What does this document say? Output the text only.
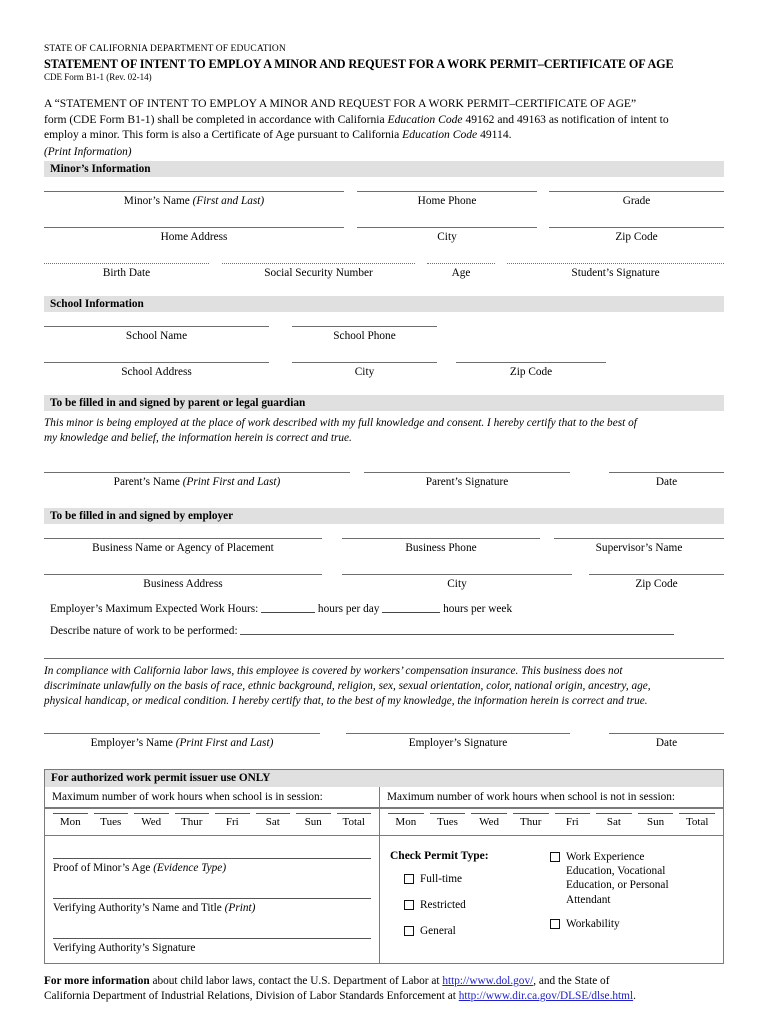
STATE OF CALIFORNIA DEPARTMENT OF EDUCATION
STATEMENT OF INTENT TO EMPLOY A MINOR AND REQUEST FOR A WORK PERMIT–CERTIFICATE OF AGE
CDE Form B1-1 (Rev. 02-14)
A “STATEMENT OF INTENT TO EMPLOY A MINOR AND REQUEST FOR A WORK PERMIT–CERTIFICATE OF AGE”
form (CDE Form B1-1) shall be completed in accordance with California Education Code 49162 and 49163 as notification of intent to
employ a minor. This form is also a Certificate of Age pursuant to California Education Code 49114.
(Print Information)
Minor’s Information
Minor’s Name (First and Last)	Home Phone	Grade
Home Address	City	Zip Code
Birth Date	Social Security Number	Age	Student’s Signature
School Information
School Name	School Phone
School Address	City	Zip Code
To be filled in and signed by parent or legal guardian
This minor is being employed at the place of work described with my full knowledge and consent. I hereby certify that to the best of
my knowledge and belief, the information herein is correct and true.
Parent’s Name (Print First and Last)	Parent’s Signature	Date
To be filled in and signed by employer
Business Name or Agency of Placement	Business Phone	Supervisor’s Name
Business Address	City	Zip Code
Employer’s Maximum Expected Work Hours:	hours per day	hours per week
Describe nature of work to be performed:
In compliance with California labor laws, this employee is covered by workers’ compensation insurance. This business does not
discriminate unlawfully on the basis of race, ethnic background, religion, sex, sexual orientation, color, national origin, ancestry, age,
physical handicap, or medical condition. I hereby certify that, to the best of my knowledge, the information herein is correct and true.
Employer’s Name (Print First and Last)	Employer’s Signature	Date
For authorized work permit issuer use ONLY
Maximum number of work hours when school is in session:
Mon	Tues	Wed	Thur	Fri	Sat	Sun	Total
Proof of Minor’s Age (Evidence Type)
Verifying Authority’s Name and Title (Print)
Verifying Authority’s Signature
Maximum number of work hours when school is not in session:
Mon	Tues	Wed	Thur	Fri	Sat	Sun	Total
Check Permit Type:
Full-time
Restricted
General
Work Experience
Education, Vocational
Education, or Personal
Attendant
Workability
For more information about child labor laws, contact the U.S. Department of Labor at http://www.dol.gov/, and the State of
California Department of Industrial Relations, Division of Labor Standards Enforcement at http://www.dir.ca.gov/DLSE/dlse.html.
